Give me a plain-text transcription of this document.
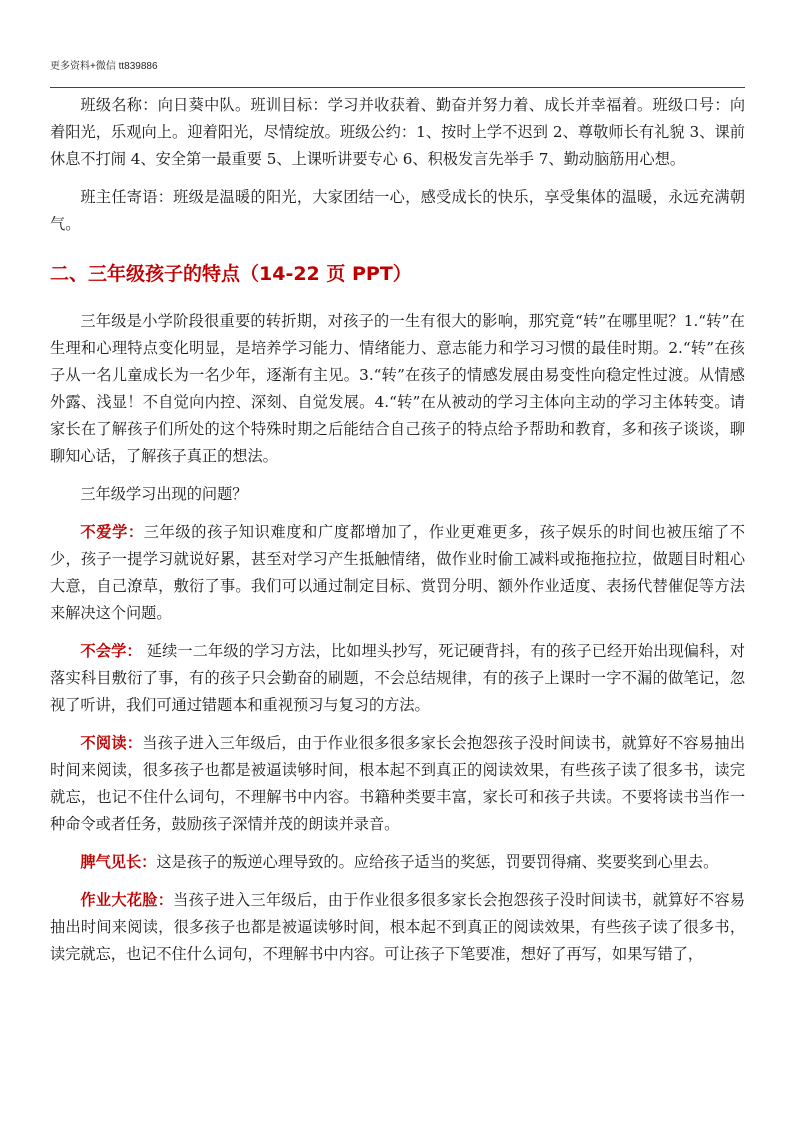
更多资料+微信 tt839886

班级名称：向日葵中队。班训目标：学习并收获着、勤奋并努力着、成长并幸福着。班级口号：向着阳光，乐观向上。迎着阳光，尽情绽放。班级公约：1、按时上学不迟到 2、尊敬师长有礼貌 3、课前休息不打闹 4、安全第一最重要 5、上课听讲要专心 6、积极发言先举手 7、勤动脑筋用心想。

班主任寄语：班级是温暖的阳光，大家团结一心，感受成长的快乐，享受集体的温暖，永远充满朝气。

二、三年级孩子的特点（14-22 页 PPT）

三年级是小学阶段很重要的转折期，对孩子的一生有很大的影响，那究竟“转”在哪里呢？1.“转”在生理和心理特点变化明显，是培养学习能力、情绪能力、意志能力和学习习惯的最佳时期。2.“转”在孩子从一名儿童成长为一名少年，逐渐有主见。3.“转”在孩子的情感发展由易变性向稳定性过渡。从情感外露、浅显！不自觉向内控、深刻、自觉发展。4.“转”在从被动的学习主体向主动的学习主体转变。请家长在了解孩子们所处的这个特殊时期之后能结合自己孩子的特点给予帮助和教育，多和孩子谈谈，聊聊知心话，了解孩子真正的想法。

三年级学习出现的问题？

不爱学：三年级的孩子知识难度和广度都增加了，作业更难更多，孩子娱乐的时间也被压缩了不少，孩子一提学习就说好累，甚至对学习产生抵触情绪，做作业时偷工减料或拖拖拉拉，做题目时粗心大意，自己潦草，敷衍了事。我们可以通过制定目标、赏罚分明、额外作业适度、表扬代替催促等方法来解决这个问题。

不会学： 延续一二年级的学习方法，比如埋头抄写，死记硬背抖，有的孩子已经开始出现偏科，对落实科目敷衍了事，有的孩子只会勤奋的刷题，不会总结规律，有的孩子上课时一字不漏的做笔记，忽视了听讲，我们可通过错题本和重视预习与复习的方法。

不阅读：当孩子进入三年级后，由于作业很多很多家长会抱怨孩子没时间读书，就算好不容易抽出时间来阅读，很多孩子也都是被逼读够时间，根本起不到真正的阅读效果，有些孩子读了很多书，读完就忘，也记不住什么词句，不理解书中内容。书籍种类要丰富，家长可和孩子共读。不要将读书当作一种命令或者任务，鼓励孩子深情并茂的朗读并录音。

脾气见长：这是孩子的叛逆心理导致的。应给孩子适当的奖惩，罚要罚得痛、奖要奖到心里去。

作业大花脸：当孩子进入三年级后，由于作业很多很多家长会抱怨孩子没时间读书，就算好不容易抽出时间来阅读，很多孩子也都是被逼读够时间，根本起不到真正的阅读效果，有些孩子读了很多书，读完就忘，也记不住什么词句，不理解书中内容。可让孩子下笔要准，想好了再写，如果写错了，
